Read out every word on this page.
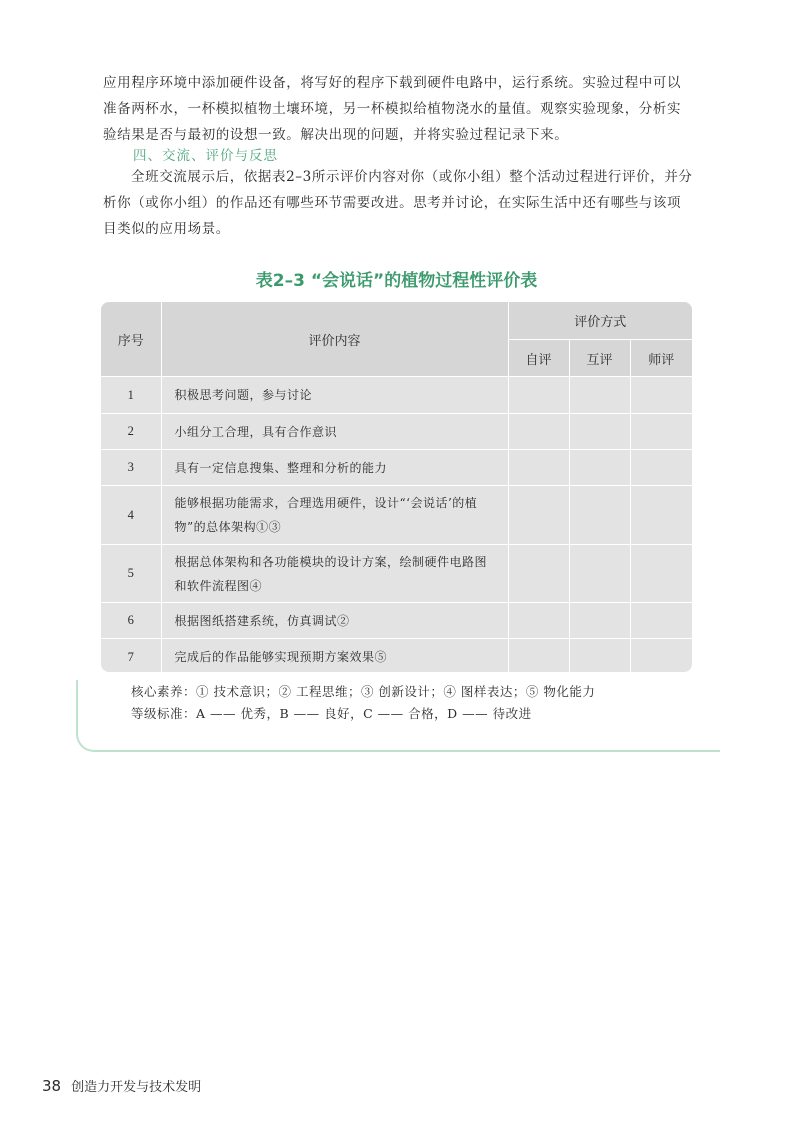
应用程序环境中添加硬件设备，将写好的程序下载到硬件电路中，运行系统。实验过程中可以准备两杯水，一杯模拟植物土壤环境，另一杯模拟给植物浇水的量值。观察实验现象，分析实验结果是否与最初的设想一致。解决出现的问题，并将实验过程记录下来。

四、交流、评价与反思

全班交流展示后，依据表2–3所示评价内容对你（或你小组）整个活动过程进行评价，并分析你（或你小组）的作品还有哪些环节需要改进。思考并讨论，在实际生活中还有哪些与该项目类似的应用场景。

表2–3 “会说话”的植物过程性评价表
序号	评价内容	评价方式		
		自评	互评	师评
1	积极思考问题，参与讨论			
2	小组分工合理，具有合作意识			
3	具有一定信息搜集、整理和分析的能力			
4	能够根据功能需求，合理选用硬件，设计“‘会说话’的植物”的总体架构①③			
5	根据总体架构和各功能模块的设计方案，绘制硬件电路图和软件流程图④			
6	根据图纸搭建系统，仿真调试②			
7	完成后的作品能够实现预期方案效果⑤			
核心素养：① 技术意识；② 工程思维；③ 创新设计；④ 图样表达；⑤ 物化能力
等级标准：A —— 优秀，B —— 良好，C —— 合格，D —— 待改进
38 创造力开发与技术发明
